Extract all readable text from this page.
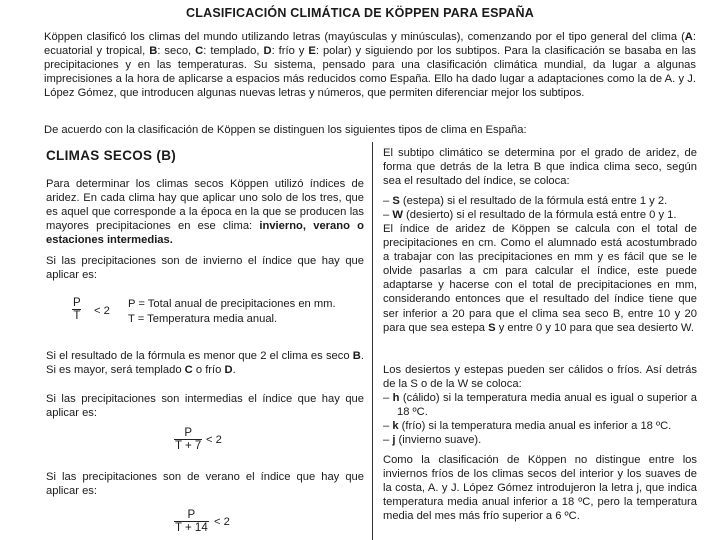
CLASIFICACIÓN CLIMÁTICA DE KÖPPEN PARA ESPAÑA

Köppen clasificó los climas del mundo utilizando letras (mayúsculas y minúsculas), comenzando por el tipo general del clima (A: ecuatorial y tropical, B: seco, C: templado, D: frío y E: polar) y siguiendo por los subtipos. Para la clasificación se basaba en las precipitaciones y en las temperaturas. Su sistema, pensado para una clasificación climática mundial, da lugar a algunas imprecisiones a la hora de aplicarse a espacios más reducidos como España. Ello ha dado lugar a adaptaciones como la de A. y J. López Gómez, que introducen algunas nuevas letras y números, que permiten diferenciar mejor los subtipos.

De acuerdo con la clasificación de Köppen se distinguen los siguientes tipos de clima en España:

CLIMAS SECOS (B)

Para determinar los climas secos Köppen utilizó índices de aridez. En cada clima hay que aplicar uno solo de los tres, que es aquel que corresponde a la época en la que se producen las mayores precipitaciones en ese clima: invierno, verano o estaciones intermedias.

Si las precipitaciones son de invierno el índice que hay que aplicar es:

$\frac{P}{T} < 2$
P = Total anual de precipitaciones en mm.
T = Temperatura media anual.

Si el resultado de la fórmula es menor que 2 el clima es seco B. Si es mayor, será templado C o frío D.

Si las precipitaciones son intermedias el índice que hay que aplicar es:

$\frac{P}{T + 7} < 2$

Si las precipitaciones son de verano el índice que hay que aplicar es:

$\frac{P}{T + 14} < 2$

El subtipo climático se determina por el grado de aridez, de forma que detrás de la letra B que indica clima seco, según sea el resultado del índice, se coloca:

– S (estepa) si el resultado de la fórmula está entre 1 y 2.
– W (desierto) si el resultado de la fórmula está entre 0 y 1.

El índice de aridez de Köppen se calcula con el total de precipitaciones en cm. Como el alumnado está acostumbrado a trabajar con las precipitaciones en mm y es fácil que se le olvide pasarlas a cm para calcular el índice, este puede adaptarse y hacerse con el total de precipitaciones en mm, considerando entonces que el resultado del índice tiene que ser inferior a 20 para que el clima sea seco B, entre 10 y 20 para que sea estepa S y entre 0 y 10 para que sea desierto W.

Los desiertos y estepas pueden ser cálidos o fríos. Así detrás de la S o de la W se coloca:

– h (cálido) si la temperatura media anual es igual o superior a 18 ºC.
– k (frío) si la temperatura media anual es inferior a 18 ºC.
– j (invierno suave).

Como la clasificación de Köppen no distingue entre los inviernos fríos de los climas secos del interior y los suaves de la costa, A. y J. López Gómez introdujeron la letra j, que indica temperatura media anual inferior a 18 ºC, pero la temperatura media del mes más frío superior a 6 ºC.
